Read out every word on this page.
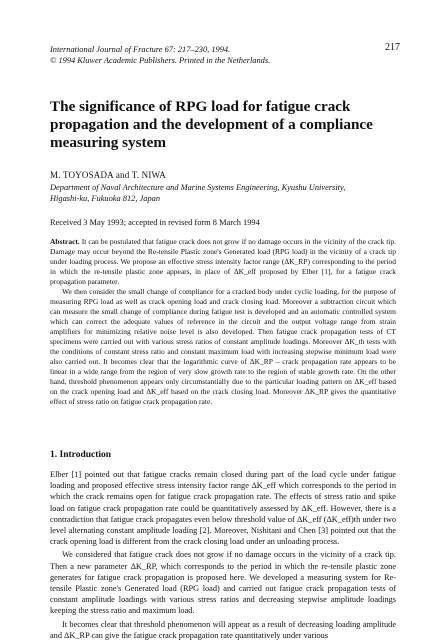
International Journal of Fracture 67: 217–230, 1994.
© 1994 Kluwer Academic Publishers. Printed in the Netherlands.
217
The significance of RPG load for fatigue crack propagation and the development of a compliance measuring system
M. TOYOSADA and T. NIWA
Department of Naval Architecture and Marine Systems Engineering, Kyushu University,
Higashi-ku, Fukuoka 812, Japan
Received 3 May 1993; accepted in revised form 8 March 1994

Abstract. It can be postulated that fatigue crack does not grow if no damage occurs in the vicinity of the crack tip. Damage may occur beyond the Re-tensile Plastic zone's Generated load (RPG load) in the vicinity of a crack tip under loading process. We propose an effective stress intensity factor range (ΔK_RP) corresponding to the period in which the re-tensile plastic zone appears, in place of ΔK_eff proposed by Elber [1], for a fatigue crack propagation parameter.

We then consider the small change of compliance for a cracked body under cyclic loading, for the purpose of measuring RPG load as well as crack opening load and crack closing load. Moreover a subtraction circuit which can measure the small change of compliance during fatigue test is developed and an automatic controlled system which can correct the adequate values of reference in the circuit and the output voltage range from strain amplifiers for minimizing relative noise level is also developed. Then fatigue crack propagation tests of CT specimens were carried out with various stress ratios of constant amplitude loadings. Moreover ΔK_th tests with the conditions of constant stress ratio and constant maximum load with increasing stepwise minimum load were also carried out. It becomes clear that the logarithmic curve of ΔK_RP – crack propagation rate appears to be linear in a wide range from the region of very slow growth rate to the region of stable growth rate. On the other hand, threshold phenomenon appears only circumstantially due to the particular loading pattern on ΔK_eff based on the crack opening load and ΔK_eff based on the crack closing load. Moreover ΔK_RP gives the quantitative effect of stress ratio on fatigue crack propagation rate.

1. Introduction

Elber [1] pointed out that fatigue cracks remain closed during part of the load cycle under fatigue loading and proposed effective stress intensity factor range ΔK_eff which corresponds to the period in which the crack remains open for fatigue crack propagation rate. The effects of stress ratio and spike load on fatigue crack propagation rate could be quantitatively assessed by ΔK_eff. However, there is a contradiction that fatigue crack propagates even below threshold value of ΔK_eff (ΔK_eff)th under two level alternating constant amplitude loading [2]. Moreover, Nishitani and Chen [3] pointed out that the crack opening load is different from the crack closing load under an unloading process.

We considered that fatigue crack does not grow if no damage occurs in the vicinity of a crack tip. Then a new parameter ΔK_RP, which corresponds to the period in which the re-tensile plastic zone generates for fatigue crack propagation is proposed here. We developed a measuring system for Re-tensile Plastic zone's Generated load (RPG load) and carried out fatigue crack propagation tests of constant amplitude loadings with various stress ratios and decreasing stepwise amplitude loadings keeping the stress ratio and maximum load.

It becomes clear that threshold phenomenon will appear as a result of decreasing loading amplitude and ΔK_RP can give the fatigue crack propagation rate quantitatively under various
